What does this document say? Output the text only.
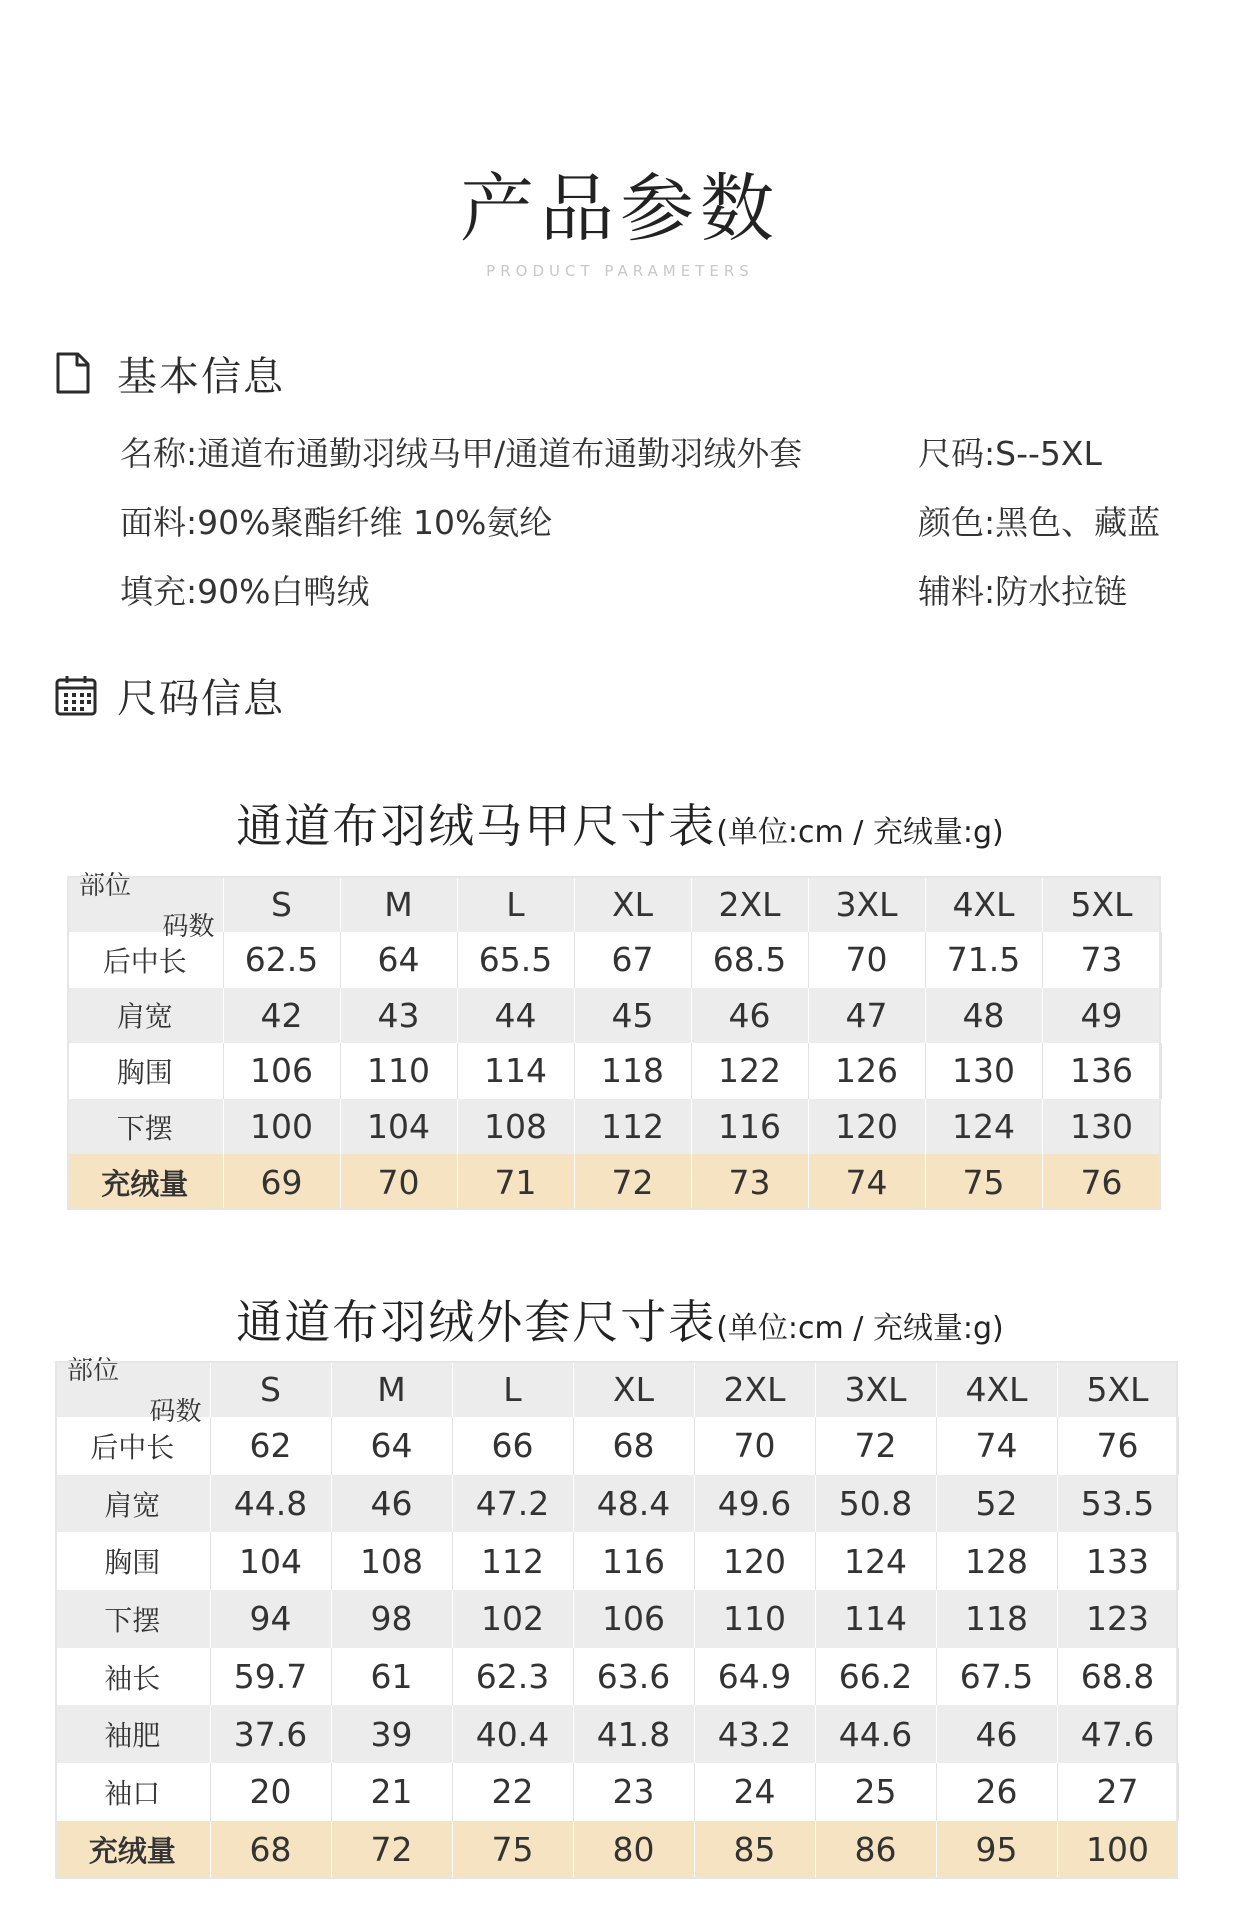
产品参数
PRODUCT PARAMETERS
基本信息
名称:通道布通勤羽绒马甲/通道布通勤羽绒外套	尺码:S--5XL
面料:90%聚酯纤维 10%氨纶	颜色:黑色、藏蓝
填充:90%白鸭绒	辅料:防水拉链
尺码信息
通道布羽绒马甲尺寸表(单位:cm / 充绒量:g)
码数
部位	S	M	L	XL	2XL	3XL	4XL	5XL
后中长	62.5	64	65.5	67	68.5	70	71.5	73
肩宽	42	43	44	45	46	47	48	49
胸围	106	110	114	118	122	126	130	136
下摆	100	104	108	112	116	120	124	130
充绒量	69	70	71	72	73	74	75	76
通道布羽绒外套尺寸表(单位:cm / 充绒量:g)
码数
部位	S	M	L	XL	2XL	3XL	4XL	5XL
后中长	62	64	66	68	70	72	74	76
肩宽	44.8	46	47.2	48.4	49.6	50.8	52	53.5
胸围	104	108	112	116	120	124	128	133
下摆	94	98	102	106	110	114	118	123
袖长	59.7	61	62.3	63.6	64.9	66.2	67.5	68.8
袖肥	37.6	39	40.4	41.8	43.2	44.6	46	47.6
袖口	20	21	22	23	24	25	26	27
充绒量	68	72	75	80	85	86	95	100
